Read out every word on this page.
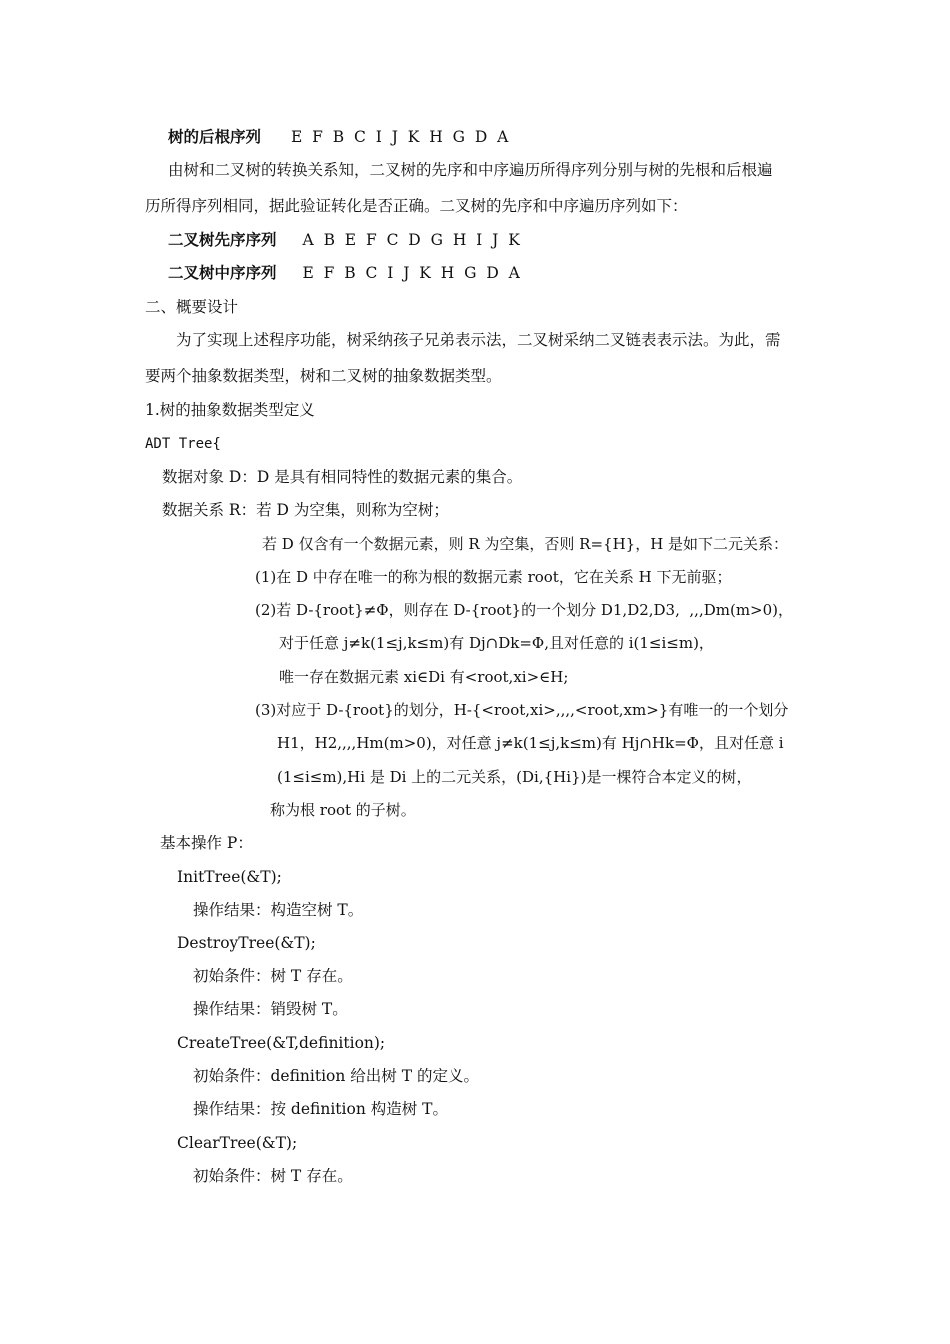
树的后根序列 E  F  B  C  I  J  K  H  G  D  A
由树和二叉树的转换关系知，二叉树的先序和中序遍历所得序列分别与树的先根和后根遍
历所得序列相同，据此验证转化是否正确。二叉树的先序和中序遍历序列如下：
二叉树先序序列 A  B  E  F  C  D  G  H  I  J  K
二叉树中序序列 E  F  B  C  I  J  K  H  G  D  A
二、概要设计
为了实现上述程序功能，树采纳孩子兄弟表示法，二叉树采纳二叉链表表示法。为此，需
要两个抽象数据类型，树和二叉树的抽象数据类型。
1.树的抽象数据类型定义
ADT Tree{
数据对象 D：D 是具有相同特性的数据元素的集合。
数据关系 R：若 D 为空集，则称为空树；
若 D 仅含有一个数据元素，则 R 为空集，否则 R={H}，H 是如下二元关系：
(1)在 D 中存在唯一的称为根的数据元素 root，它在关系 H 下无前驱；
(2)若 D-{root}≠Φ，则存在 D-{root}的一个划分 D1,D2,D3,  ,,,Dm(m>0)，
对于任意 j≠k(1≤j,k≤m)有 Dj∩Dk=Φ,且对任意的 i(1≤i≤m)，
唯一存在数据元素 xi∈Di 有<root,xi>∈H;
(3)对应于 D-{root}的划分，H-{<root,xi>,,,,<root,xm>}有唯一的一个划分
H1，H2,,,,Hm(m>0)，对任意 j≠k(1≤j,k≤m)有 Hj∩Hk=Φ，且对任意 i
(1≤i≤m),Hi 是 Di 上的二元关系，(Di,{Hi})是一棵符合本定义的树，
称为根 root 的子树。
基本操作 P：
InitTree(&T);
操作结果：构造空树 T。
DestroyTree(&T);
初始条件：树 T 存在。
操作结果：销毁树 T。
CreateTree(&T,definition);
初始条件：definition 给出树 T 的定义。
操作结果：按 definition 构造树 T。
ClearTree(&T);
初始条件：树 T 存在。
